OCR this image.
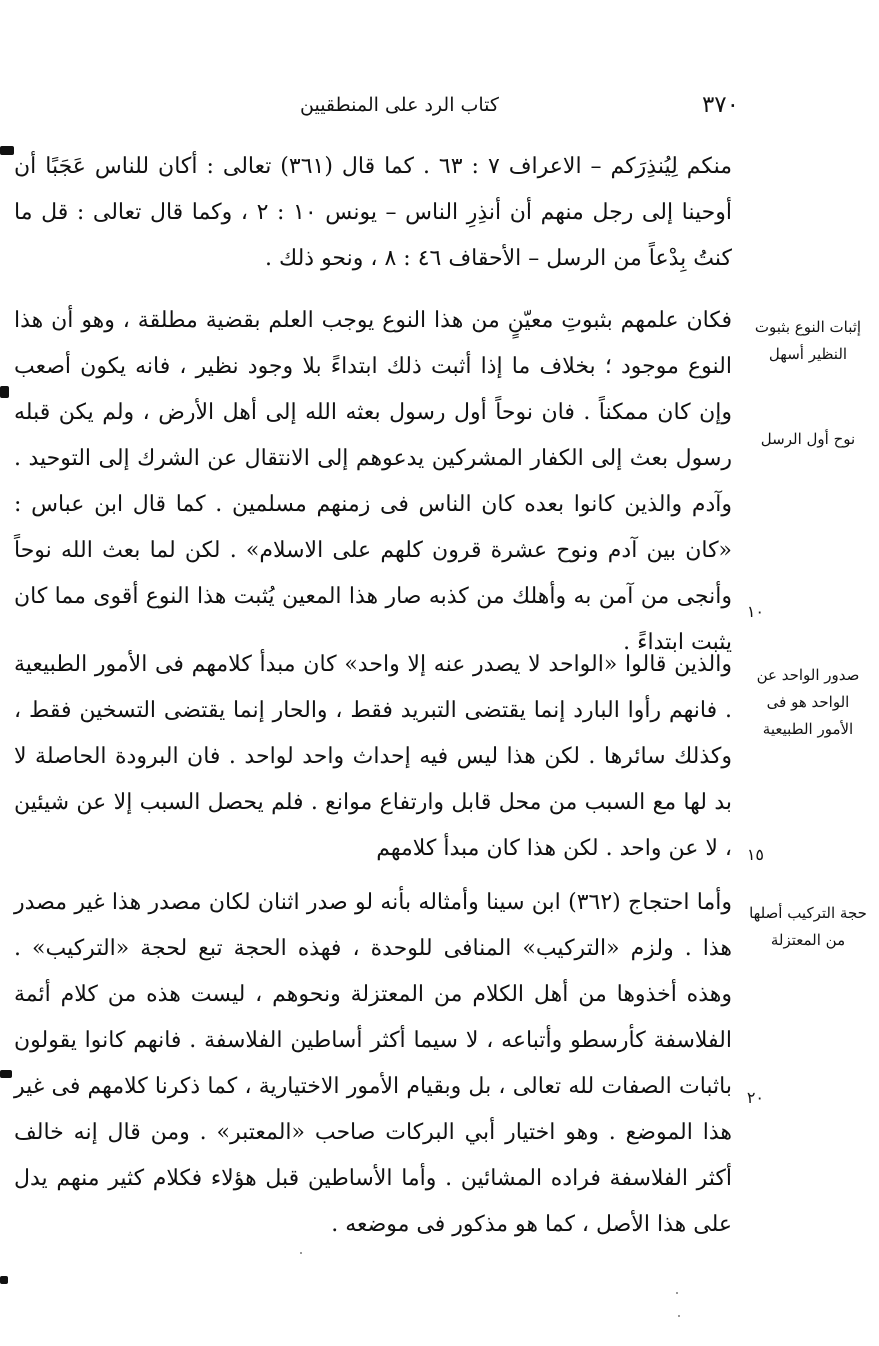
٣٧٠
كتاب الرد على المنطقيين

منكم لِيُنذِرَكم – الاعراف ٧ : ٦٣ . كما قال (٣٦١) تعالى : أكان للناس عَجَبًا أن أوحينا إلى رجل منهم أن أنذِرِ الناس – يونس ١٠ : ٢ ، وكما قال تعالى : قل ما كنتُ بِدْعاً من الرسل – الأحقاف ٤٦ : ٨ ، ونحو ذلك .

فكان علمهم بثبوتِ معيّنٍ من هذا النوع يوجب العلم بقضية مطلقة ، وهو أن هذا النوع موجود ؛ بخلاف ما إذا أثبت ذلك ابتداءً بلا وجود نظير ، فانه يكون أصعب وإن كان ممكناً . فان نوحاً أول رسول بعثه الله إلى أهل الأرض ، ولم يكن قبله رسول بعث إلى الكفار المشركين يدعوهم إلى الانتقال عن الشرك إلى التوحيد . وآدم والذين كانوا بعده كان الناس فى زمنهم مسلمين . كما قال ابن عباس : «كان بين آدم ونوح عشرة قرون كلهم على الاسلام» . لكن لما بعث الله نوحاً وأنجى من آمن به وأهلك من كذبه صار هذا المعين يُثبت هذا النوع أقوى مما كان يثبت ابتداءً .

والذين قالوا «الواحد لا يصدر عنه إلا واحد» كان مبدأ كلامهم فى الأمور الطبيعية . فانهم رأوا البارد إنما يقتضى التبريد فقط ، والحار إنما يقتضى التسخين فقط ، وكذلك سائرها . لكن هذا ليس فيه إحداث واحد لواحد . فان البرودة الحاصلة لا بد لها مع السبب من محل قابل وارتفاع موانع . فلم يحصل السبب إلا عن شيئين ، لا عن واحد . لكن هذا كان مبدأ كلامهم

وأما احتجاج (٣٦٢) ابن سينا وأمثاله بأنه لو صدر اثنان لكان مصدر هذا غير مصدر هذا . ولزم «التركيب» المنافى للوحدة ، فهذه الحجة تبع لحجة «التركيب» . وهذه أخذوها من أهل الكلام من المعتزلة ونحوهم ، ليست هذه من كلام أئمة الفلاسفة كأرسطو وأتباعه ، لا سيما أكثر أساطين الفلاسفة . فانهم كانوا يقولون باثبات الصفات لله تعالى ، بل وبقيام الأمور الاختيارية ، كما ذكرنا كلامهم فى غير هذا الموضع . وهو اختيار أبي البركات صاحب «المعتبر» . ومن قال إنه خالف أكثر الفلاسفة فراده المشائين . وأما الأساطين قبل هؤلاء فكلام كثير منهم يدل على هذا الأصل ، كما هو مذكور فى موضعه .

إثبات النوع بثبوت النظير أسهل
نوح أول الرسل
صدور الواحد عن الواحد هو فى الأمور الطبيعية
حجة التركيب أصلها من المعتزلة
١٠
١٥
٢٠
